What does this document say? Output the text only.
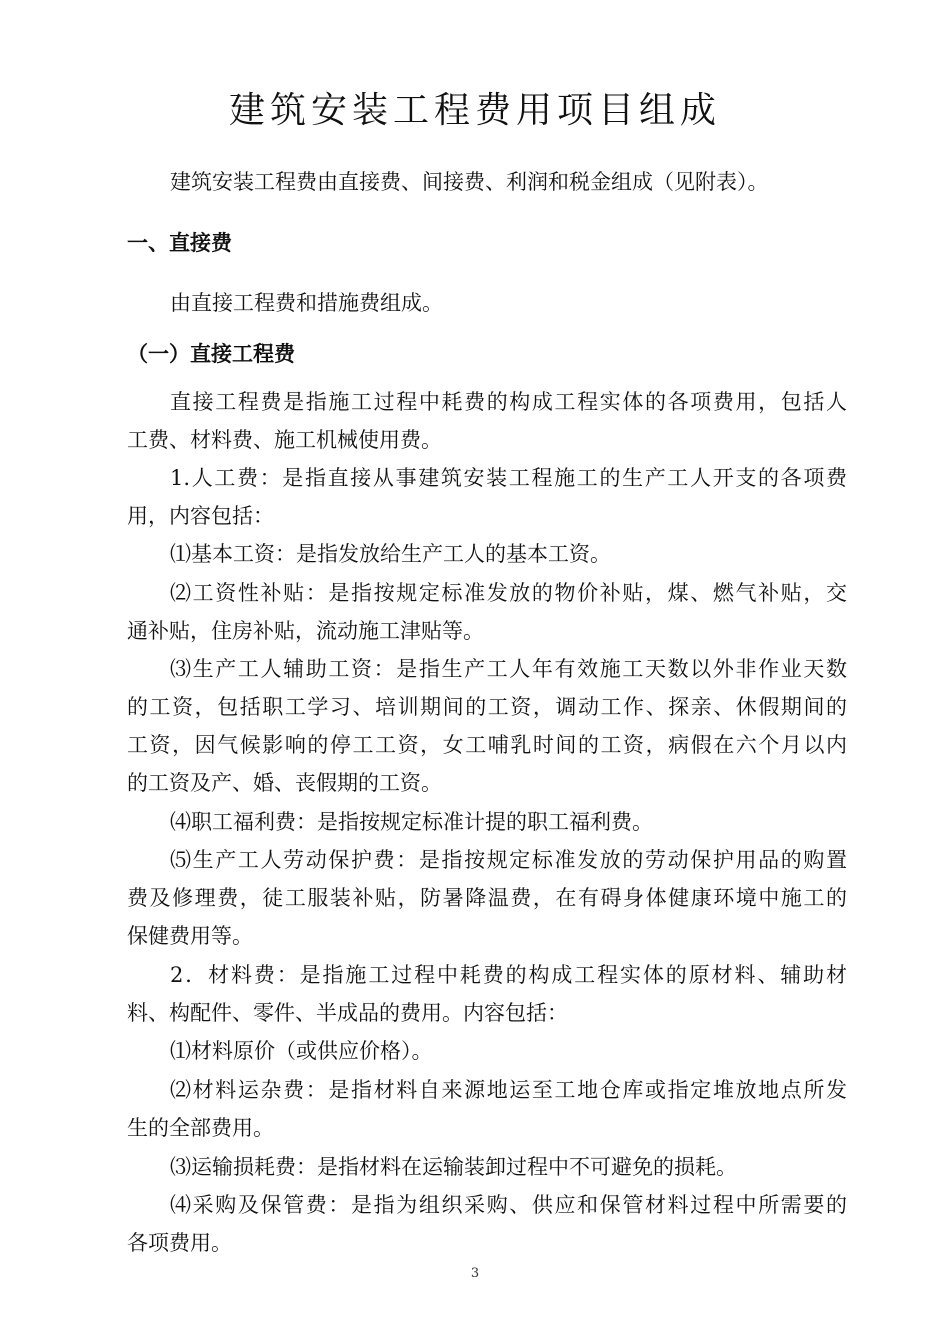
建筑安装工程费用项目组成
建筑安装工程费由直接费、间接费、利润和税金组成（见附表）。
一、直接费
由直接工程费和措施费组成。
（一）直接工程费
直接工程费是指施工过程中耗费的构成工程实体的各项费用，包括人
工费、材料费、施工机械使用费。
1.人工费：是指直接从事建筑安装工程施工的生产工人开支的各项费
用，内容包括：
⑴基本工资：是指发放给生产工人的基本工资。
⑵工资性补贴：是指按规定标准发放的物价补贴，煤、燃气补贴，交
通补贴，住房补贴，流动施工津贴等。
⑶生产工人辅助工资：是指生产工人年有效施工天数以外非作业天数
的工资，包括职工学习、培训期间的工资，调动工作、探亲、休假期间的
工资，因气候影响的停工工资，女工哺乳时间的工资，病假在六个月以内
的工资及产、婚、丧假期的工资。
⑷职工福利费：是指按规定标准计提的职工福利费。
⑸生产工人劳动保护费：是指按规定标准发放的劳动保护用品的购置
费及修理费，徒工服装补贴，防暑降温费，在有碍身体健康环境中施工的
保健费用等。
2．材料费：是指施工过程中耗费的构成工程实体的原材料、辅助材
料、构配件、零件、半成品的费用。内容包括：
⑴材料原价（或供应价格）。
⑵材料运杂费：是指材料自来源地运至工地仓库或指定堆放地点所发
生的全部费用。
⑶运输损耗费：是指材料在运输装卸过程中不可避免的损耗。
⑷采购及保管费：是指为组织采购、供应和保管材料过程中所需要的
各项费用。
3
